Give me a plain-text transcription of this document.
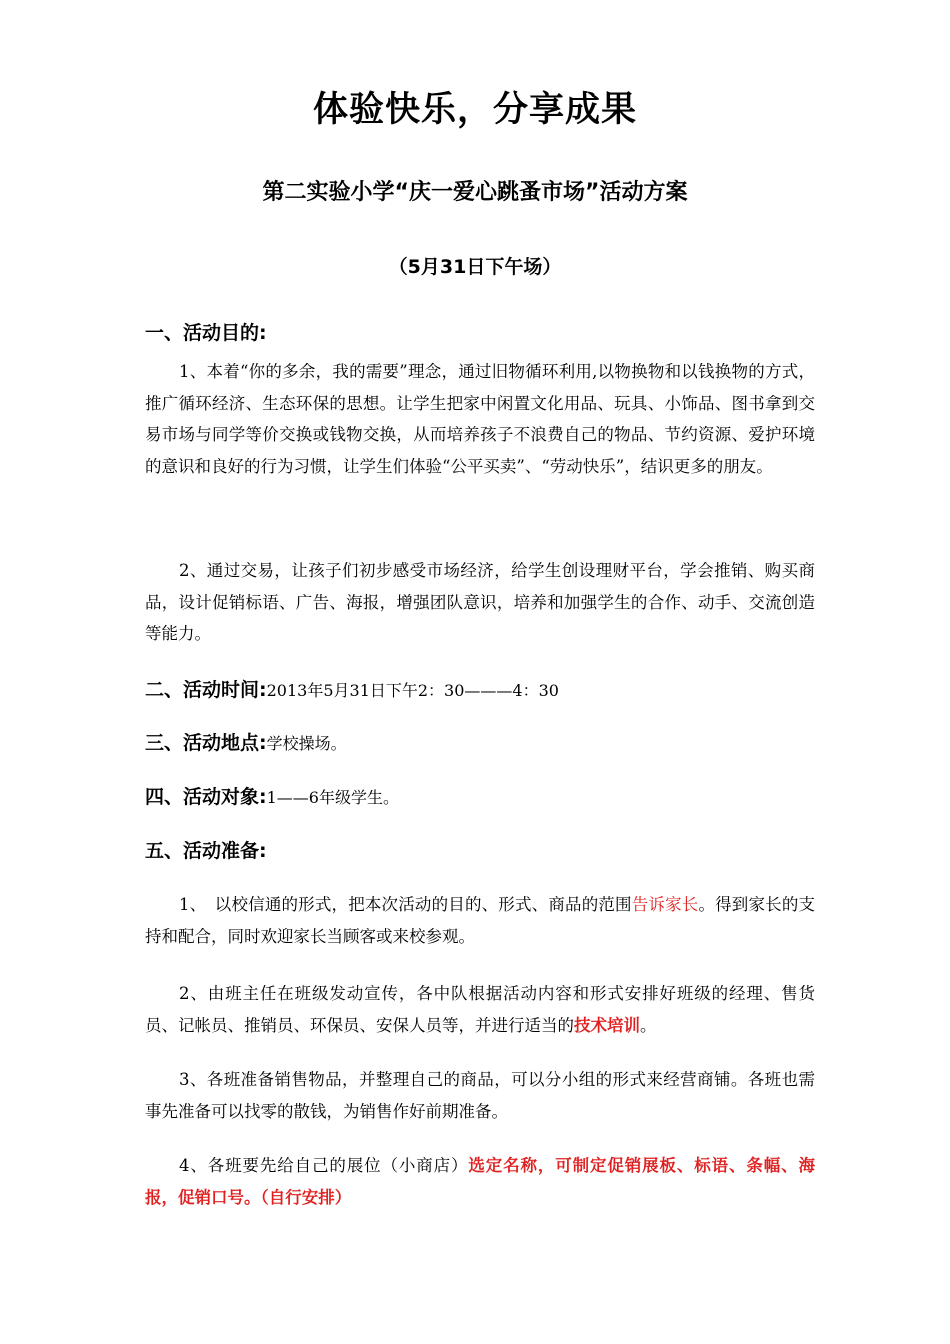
体验快乐，分享成果
第二实验小学“庆一爱心跳蚤市场”活动方案
（5月31日下午场）
一、活动目的:

1、本着“你的多余，我的需要”理念，通过旧物循环利用,以物换物和以钱换物的方式，推广循环经济、生态环保的思想。让学生把家中闲置文化用品、玩具、小饰品、图书拿到交易市场与同学等价交换或钱物交换，从而培养孩子不浪费自己的物品、节约资源、爱护环境的意识和良好的行为习惯，让学生们体验“公平买卖”、“劳动快乐”，结识更多的朋友。

2、通过交易，让孩子们初步感受市场经济，给学生创设理财平台，学会推销、购买商品，设计促销标语、广告、海报，增强团队意识，培养和加强学生的合作、动手、交流创造等能力。

二、活动时间:2013年5月31日下午2：30———4：30
三、活动地点:学校操场。
四、活动对象:1——6年级学生。
五、活动准备:

1、　以校信通的形式，把本次活动的目的、形式、商品的范围告诉家长。得到家长的支持和配合，同时欢迎家长当顾客或来校参观。

2、由班主任在班级发动宣传，各中队根据活动内容和形式安排好班级的经理、售货员、记帐员、推销员、环保员、安保人员等，并进行适当的技术培训。

3、各班准备销售物品，并整理自己的商品，可以分小组的形式来经营商铺。各班也需事先准备可以找零的散钱，为销售作好前期准备。

4、各班要先给自己的展位（小商店）选定名称，可制定促销展板、标语、条幅、海报，促销口号。（自行安排）
